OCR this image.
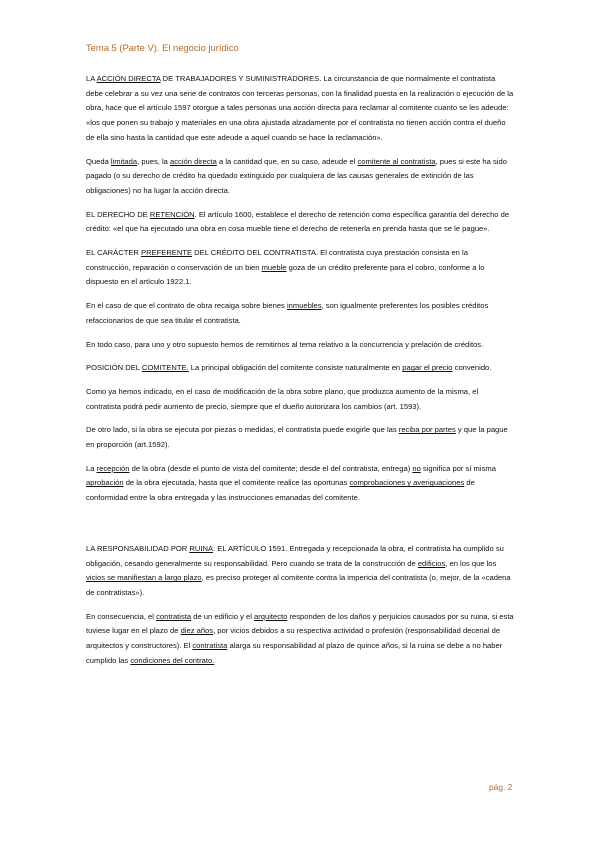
Tema 5 (Parte V). El negocio jurídico

LA ACCIÓN DIRECTA DE TRABAJADORES Y SUMINISTRADORES. La circunstancia de que normalmente el contratista debe celebrar a su vez una serie de contratos con terceras personas, con la finalidad puesta en la realización o ejecución de la obra, hace que el artículo 1597 otorgue a tales personas una acción directa para reclamar al comitente cuanto se les adeude: «los que ponen su trabajo y materiales en una obra ajustada alzadamente por el contratista no tienen acción contra el dueño de ella sino hasta la cantidad que este adeude a aquel cuando se hace la reclamación».

Queda limitada, pues, la acción directa a la cantidad que, en su caso, adeude el comitente al contratista, pues si este ha sido pagado (o su derecho de crédito ha quedado extinguido por cualquiera de las causas generales de extinción de las obligaciones) no ha lugar la acción directa.

EL DERECHO DE RETENCIÓN. El artículo 1600, establece el derecho de retención como específica garantía del derecho de crédito: «el que ha ejecutado una obra en cosa mueble tiene el derecho de retenerla en prenda hasta que se le pague».

EL CARÁCTER PREFERENTE DEL CRÉDITO DEL CONTRATISTA. El contratista cuya prestación consista en la construcción, reparación o conservación de un bien mueble goza de un crédito preferente para el cobro, conforme a lo dispuesto en el artículo 1922.1.

En el caso de que el contrato de obra recaiga sobre bienes inmuebles, son igualmente preferentes los posibles créditos refaccionarios de que sea titular el contratista.

En todo caso, para uno y otro supuesto hemos de remitirnos al tema relativo a la concurrencia y prelación de créditos.

POSICIÓN DEL COMITENTE. La principal obligación del comitente consiste naturalmente en pagar el precio convenido.

Como ya hemos indicado, en el caso de modificación de la obra sobre plano, que produzca aumento de la misma, el contratista podrá pedir aumento de precio, siempre que el dueño autorizara los cambios (art. 1593).

De otro lado, si la obra se ejecuta por piezas o medidas, el contratista puede exigirle que las reciba por partes y que la pague en proporción (art.1592).

La recepción de la obra (desde el punto de vista del comitente; desde el del contratista, entrega) no significa por sí misma aprobación de la obra ejecutada, hasta que el comitente realice las oportunas comprobaciones y averiguaciones de conformidad entre la obra entregada y las instrucciones emanadas del comitente.

LA RESPONSABILIDAD POR RUINA: EL ARTÍCULO 1591. Entregada y recepcionada la obra, el contratista ha cumplido su obligación, cesando generalmente su responsabilidad. Pero cuando se trata de la construcción de edificios, en los que los vicios se manifiestan a largo plazo, es preciso proteger al comitente contra la impericia del contratista (o, mejor, de la «cadena de contratistas»).

En consecuencia, el contratista de un edificio y el arquitecto responden de los daños y perjuicios causados por su ruina, si esta tuviese lugar en el plazo de diez años, por vicios debidos a su respectiva actividad o profesión (responsabilidad decenal de arquitectos y constructores). El contratista alarga su responsabilidad al plazo de quince años, si la ruina se debe a no haber cumplido las condiciones del contrato.

pág. 2
